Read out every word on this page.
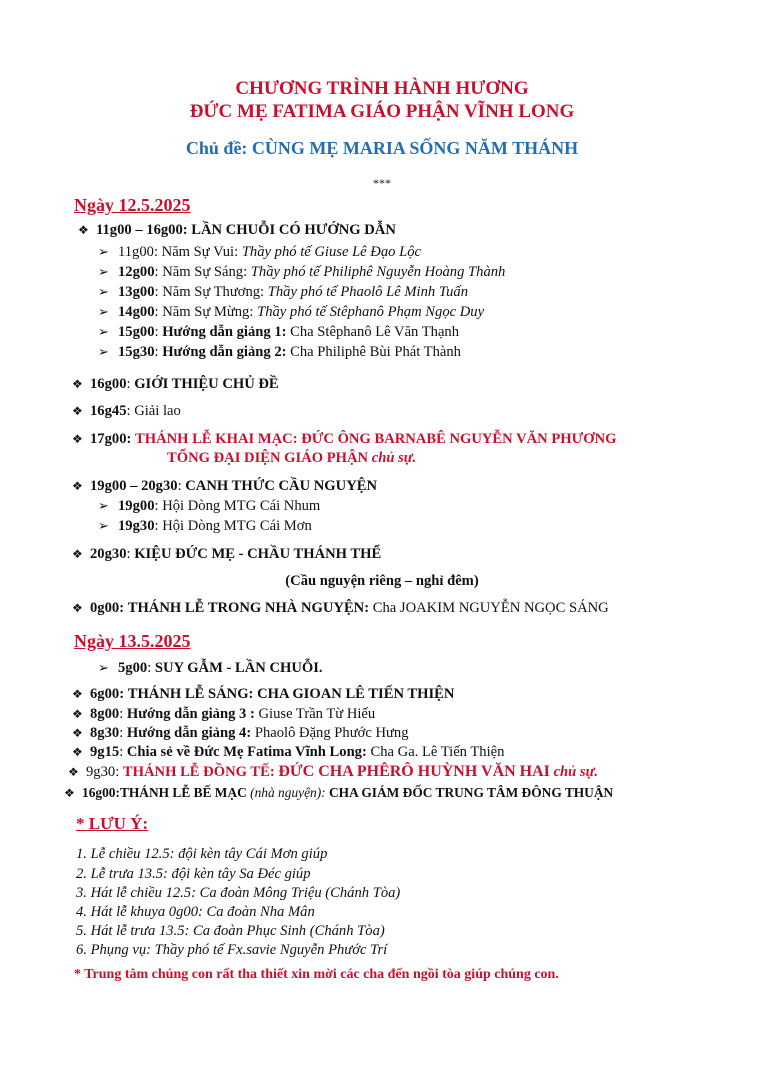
CHƯƠNG TRÌNH HÀNH HƯƠNG
ĐỨC MẸ FATIMA GIÁO PHẬN VĨNH LONG
Chủ đề: CÙNG MẸ MARIA SỐNG NĂM THÁNH
***
Ngày 12.5.2025
❖ 11g00 – 16g00: LẦN CHUỖI CÓ HƯỚNG DẪN
➢ 11g00: Năm Sự Vui: Thầy phó tế Giuse Lê Đạo Lộc
➢ 12g00: Năm Sự Sáng: Thầy phó tế Philiphê Nguyễn Hoàng Thành
➢ 13g00: Năm Sự Thương: Thầy phó tế Phaolô Lê Minh Tuấn
➢ 14g00: Năm Sự Mừng: Thầy phó tế Stêphanô Phạm Ngọc Duy
➢ 15g00: Hướng dẫn giảng 1: Cha Stêphanô Lê Văn Thạnh
➢ 15g30: Hướng dẫn giảng 2: Cha Philiphê Bùi Phát Thành
❖ 16g00: GIỚI THIỆU CHỦ ĐỀ
❖ 16g45: Giải lao
❖ 17g00: THÁNH LỄ KHAI MẠC: ĐỨC ÔNG BARNABÊ NGUYỄN VĂN PHƯƠNG
TỔNG ĐẠI DIỆN GIÁO PHẬN chủ sự.
❖ 19g00 – 20g30: CANH THỨC CẦU NGUYỆN
➢ 19g00: Hội Dòng MTG Cái Nhum
➢ 19g30: Hội Dòng MTG Cái Mơn
❖ 20g30: KIỆU ĐỨC MẸ - CHẦU THÁNH THỂ
(Cầu nguyện riêng – nghỉ đêm)
❖ 0g00: THÁNH LỄ TRONG NHÀ NGUYỆN: Cha JOAKIM NGUYỄN NGỌC SÁNG
Ngày 13.5.2025
➢ 5g00: SUY GẪM - LẦN CHUỖI.
❖ 6g00: THÁNH LỄ SÁNG: CHA GIOAN LÊ TIẾN THIỆN
❖ 8g00: Hướng dẫn giảng 3 : Giuse Trần Từ Hiếu
❖ 8g30: Hướng dẫn giảng 4: Phaolô Đặng Phước Hưng
❖ 9g15: Chia sẻ về Đức Mẹ Fatima Vĩnh Long: Cha Ga. Lê Tiến Thiện
❖ 9g30: THÁNH LỄ ĐỒNG TẾ: ĐỨC CHA PHÊRÔ HUỲNH VĂN HAI chủ sự.
❖ 16g00:THÁNH LỄ BẾ MẠC (nhà nguyện): CHA GIÁM ĐỐC TRUNG TÂM ĐÔNG THUẬN
* LƯU Ý:
1. Lễ chiều 12.5: đội kèn tây Cái Mơn giúp
2. Lễ trưa 13.5: đội kèn tây Sa Đéc giúp
3. Hát lễ chiều 12.5: Ca đoàn Mông Triệu (Chánh Tòa)
4. Hát lễ khuya 0g00: Ca đoàn Nha Mân
5. Hát lễ trưa 13.5: Ca đoàn Phục Sinh (Chánh Tòa)
6. Phụng vụ: Thầy phó tế Fx.savie Nguyễn Phước Trí
* Trung tâm chúng con rất tha thiết xin mời các cha đến ngồi tòa giúp chúng con.
